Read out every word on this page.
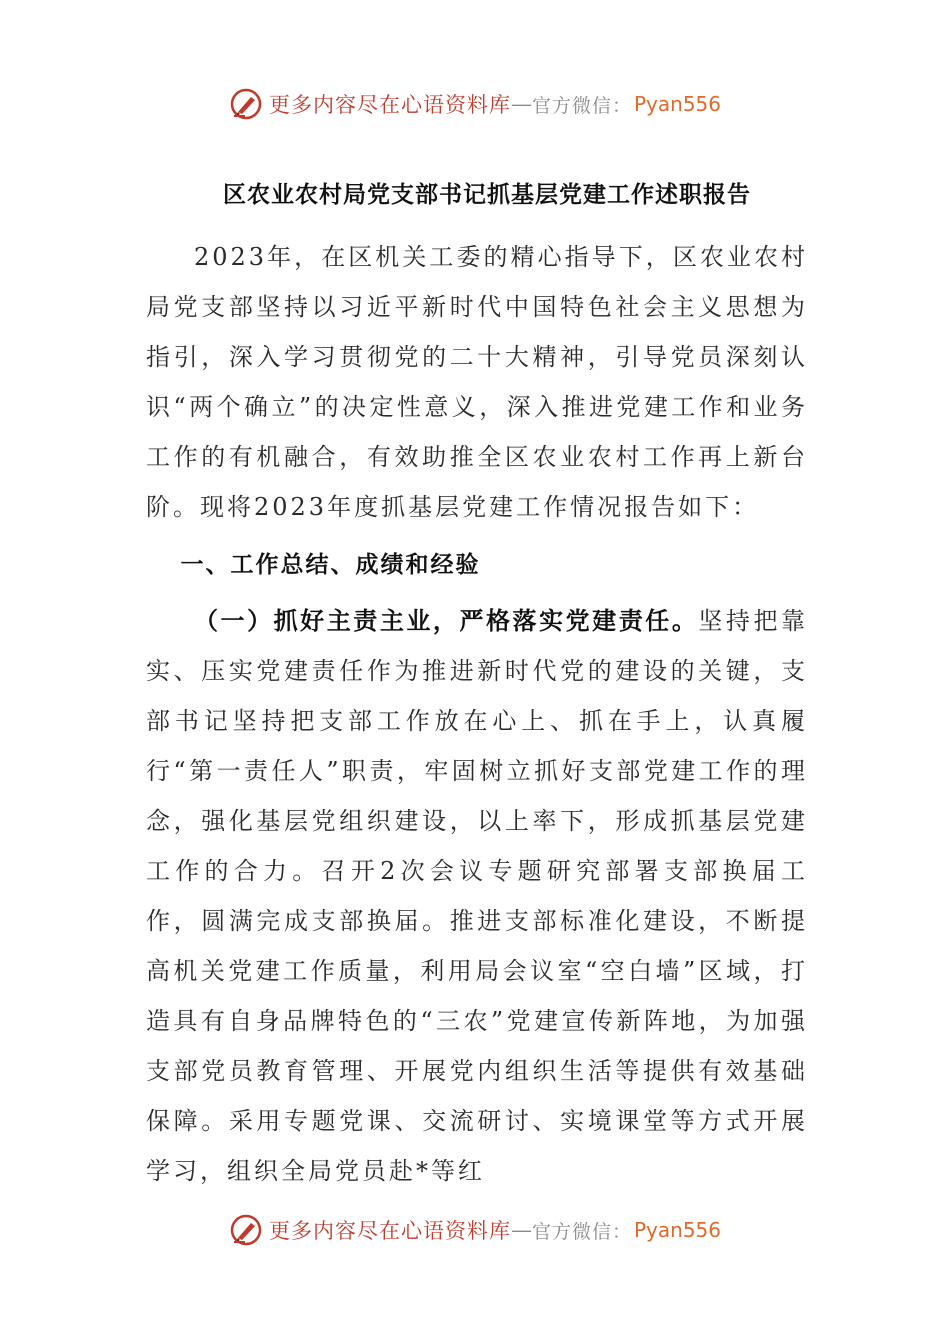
更多内容尽在心语资料库 — 官方微信： Pyan556
区农业农村局党支部书记抓基层党建工作述职报告

2023年，在区机关工委的精心指导下，区农业农村局党支部坚持以习近平新时代中国特色社会主义思想为指引，深入学习贯彻党的二十大精神，引导党员深刻认识“两个确立”的决定性意义，深入推进党建工作和业务工作的有机融合，有效助推全区农业农村工作再上新台阶。现将2023年度抓基层党建工作情况报告如下：

一、工作总结、成绩和经验

（一）抓好主责主业，严格落实党建责任。坚持把靠实、压实党建责任作为推进新时代党的建设的关键，支部书记坚持把支部工作放在心上、抓在手上，认真履行“第一责任人”职责，牢固树立抓好支部党建工作的理念，强化基层党组织建设，以上率下，形成抓基层党建工作的合力。召开2次会议专题研究部署支部换届工作，圆满完成支部换届。推进支部标准化建设，不断提高机关党建工作质量，利用局会议室“空白墙”区域，打造具有自身品牌特色的“三农”党建宣传新阵地，为加强支部党员教育管理、开展党内组织生活等提供有效基础保障。采用专题党课、交流研讨、实境课堂等方式开展学习，组织全局党员赴*等红

更多内容尽在心语资料库 — 官方微信： Pyan556
